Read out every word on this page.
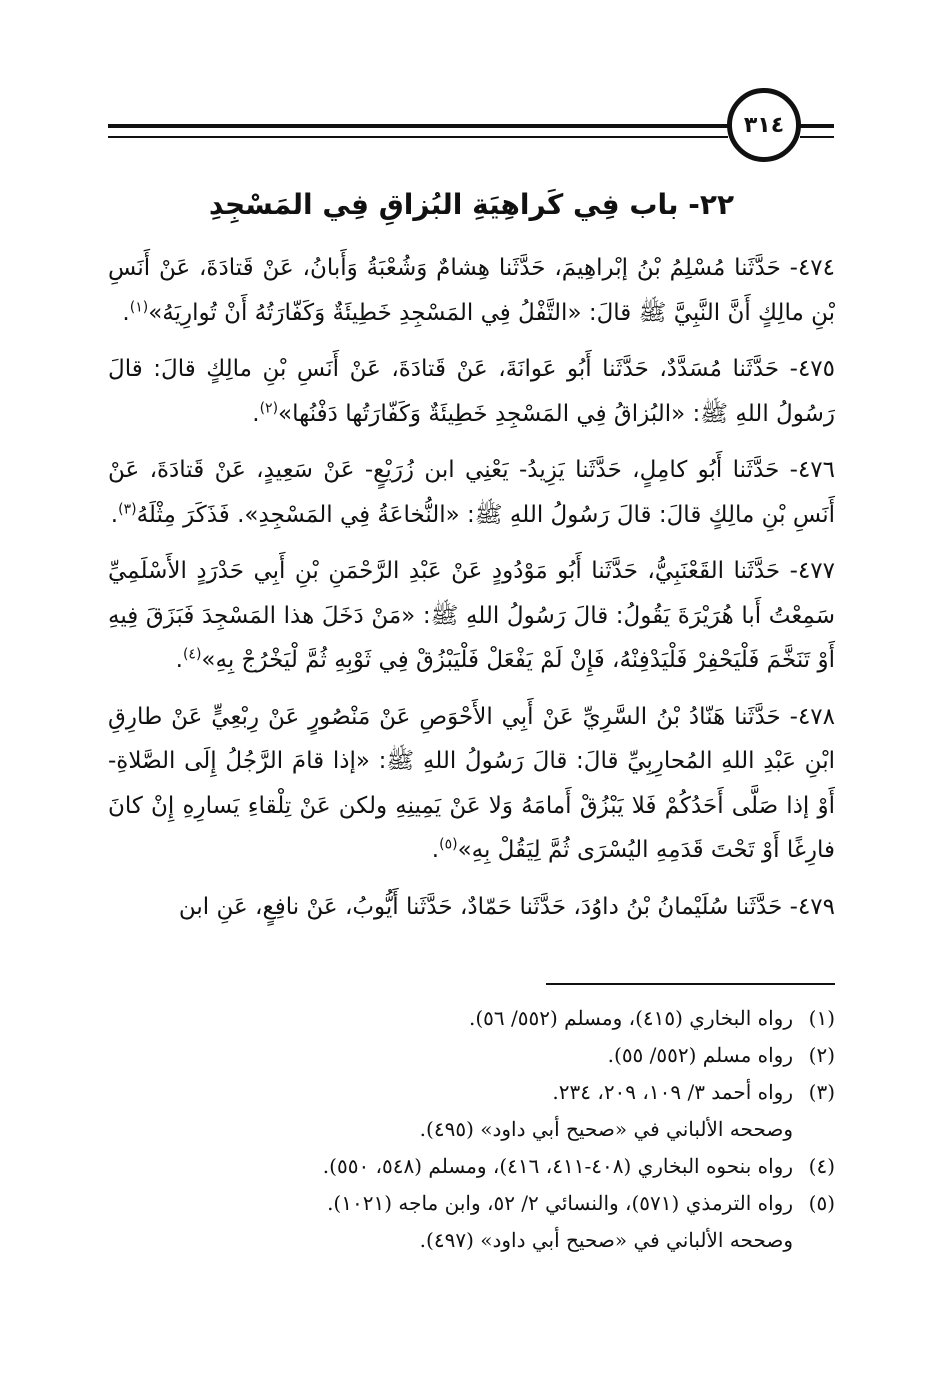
٣١٤
٢٢- باب فِي كَراهِيَةِ البُزاقِ فِي المَسْجِدِ

٤٧٤- حَدَّثَنا مُسْلِمُ بْنُ إبْراهِيمَ، حَدَّثَنا هِشامٌ وَشُعْبَةُ وَأَبانُ، عَنْ قَتادَةَ، عَنْ أَنَسِ بْنِ مالِكٍ أَنَّ النَّبِيَّ ﷺ قالَ: «التَّفْلُ فِي المَسْجِدِ خَطِيئَةٌ وَكَفّارَتُهُ أَنْ تُوارِيَهُ»$^{(١)}$.

٤٧٥- حَدَّثَنا مُسَدَّدٌ، حَدَّثَنا أَبُو عَوانَةَ، عَنْ قَتادَةَ، عَنْ أَنَسِ بْنِ مالِكٍ قالَ: قالَ رَسُولُ اللهِ ﷺ: «البُزاقُ فِي المَسْجِدِ خَطِيئَةٌ وَكَفّارَتُها دَفْنُها»$^{(٢)}$.

٤٧٦- حَدَّثَنا أَبُو كامِلٍ، حَدَّثَنا يَزِيدُ- يَعْنِي ابن زُرَيْعٍ- عَنْ سَعِيدٍ، عَنْ قَتادَةَ، عَنْ أَنَسِ بْنِ مالِكٍ قالَ: قالَ رَسُولُ اللهِ ﷺ: «النُّخاعَةُ فِي المَسْجِدِ». فَذَكَرَ مِثْلَهُ$^{(٣)}$.

٤٧٧- حَدَّثَنا القَعْنَبِيُّ، حَدَّثَنا أَبُو مَوْدُودٍ عَنْ عَبْدِ الرَّحْمَنِ بْنِ أَبِي حَدْرَدٍ الأَسْلَمِيِّ سَمِعْتُ أَبا هُرَيْرَةَ يَقُولُ: قالَ رَسُولُ اللهِ ﷺ: «مَنْ دَخَلَ هذا المَسْجِدَ فَبَزَقَ فِيهِ أَوْ تَنَخَّمَ فَلْيَحْفِرْ فَلْيَدْفِنْهُ، فَإِنْ لَمْ يَفْعَلْ فَلْيَبْزُقْ فِي ثَوْبِهِ ثُمَّ لْيَخْرُجْ بِهِ»$^{(٤)}$.

٤٧٨- حَدَّثَنا هَنّادُ بْنُ السَّرِيِّ عَنْ أَبِي الأَحْوَصِ عَنْ مَنْصُورٍ عَنْ رِبْعِيٍّ عَنْ طارِقِ ابْنِ عَبْدِ اللهِ المُحارِبِيِّ قالَ: قالَ رَسُولُ اللهِ ﷺ: «إذا قامَ الرَّجُلُ إِلَى الصَّلاةِ- أَوْ إذا صَلَّى أَحَدُكُمْ فَلا يَبْزُقْ أَمامَهُ وَلا عَنْ يَمِينِهِ ولكن عَنْ تِلْقاءِ يَسارِهِ إِنْ كانَ فارِغًا أَوْ تَحْتَ قَدَمِهِ اليُسْرَى ثُمَّ لِيَقُلْ بِهِ»$^{(٥)}$.

٤٧٩- حَدَّثَنا سُلَيْمانُ بْنُ داوُدَ، حَدَّثَنا حَمّادٌ، حَدَّثَنا أَيُّوبُ، عَنْ نافِعٍ، عَنِ ابن

(١)رواه البخاري (٤١٥)، ومسلم (٥٥٢/ ٥٦).
(٢)رواه مسلم (٥٥٢/ ٥٥).
(٣)رواه أحمد ٣/ ١٠٩، ٢٠٩، ٢٣٤.
وصححه الألباني في «صحيح أبي داود» (٤٩٥).
(٤)رواه بنحوه البخاري (٤٠٨-٤١١، ٤١٦)، ومسلم (٥٤٨، ٥٥٠).
(٥)رواه الترمذي (٥٧١)، والنسائي ٢/ ٥٢، وابن ماجه (١٠٢١).
وصححه الألباني في «صحيح أبي داود» (٤٩٧).
